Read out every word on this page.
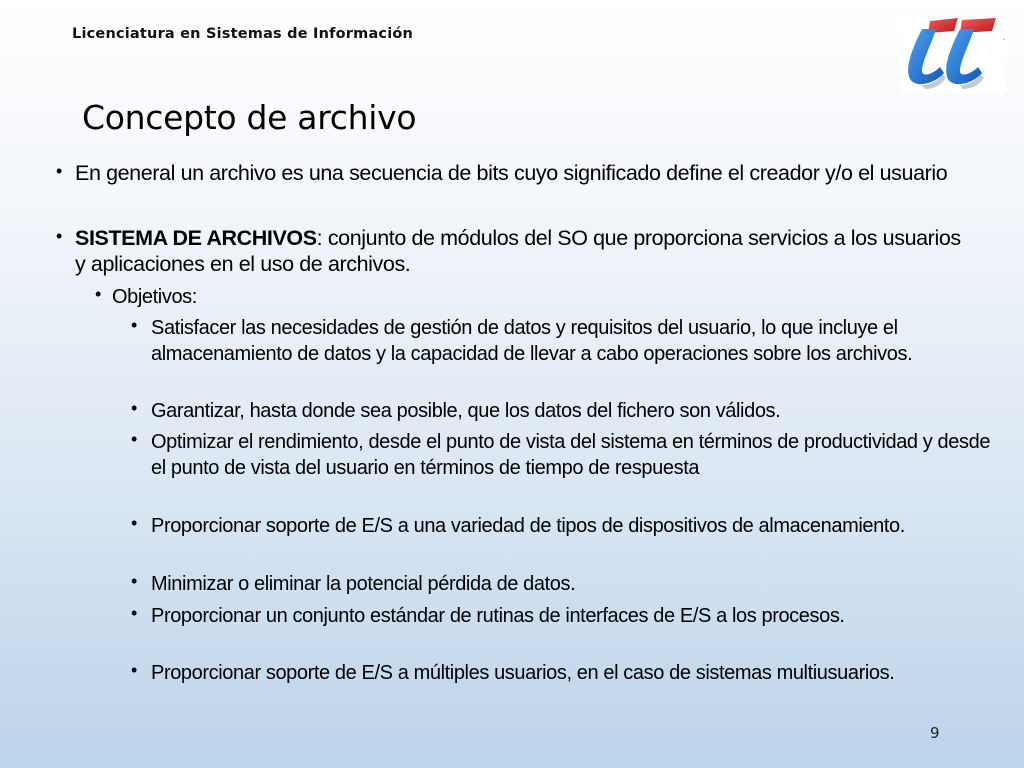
Licenciatura en Sistemas de Información	.
Concepto de archivo
• En general un archivo es una secuencia de bits cuyo significado define el creador y/o el usuario
• SISTEMA DE ARCHIVOS: conjunto de módulos del SO que proporciona servicios a los usuarios y aplicaciones en el uso de archivos.
• Objetivos:
• Satisfacer las necesidades de gestión de datos y requisitos del usuario, lo que incluye el almacenamiento de datos y la capacidad de llevar a cabo operaciones sobre los archivos.
• Garantizar, hasta donde sea posible, que los datos del fichero son válidos.
• Optimizar el rendimiento, desde el punto de vista del sistema en términos de productividad y desde el punto de vista del usuario en términos de tiempo de respuesta
• Proporcionar soporte de E/S a una variedad de tipos de dispositivos de almacenamiento.
• Minimizar o eliminar la potencial pérdida de datos.
• Proporcionar un conjunto estándar de rutinas de interfaces de E/S a los procesos.
• Proporcionar soporte de E/S a múltiples usuarios, en el caso de sistemas multiusuarios.
9
